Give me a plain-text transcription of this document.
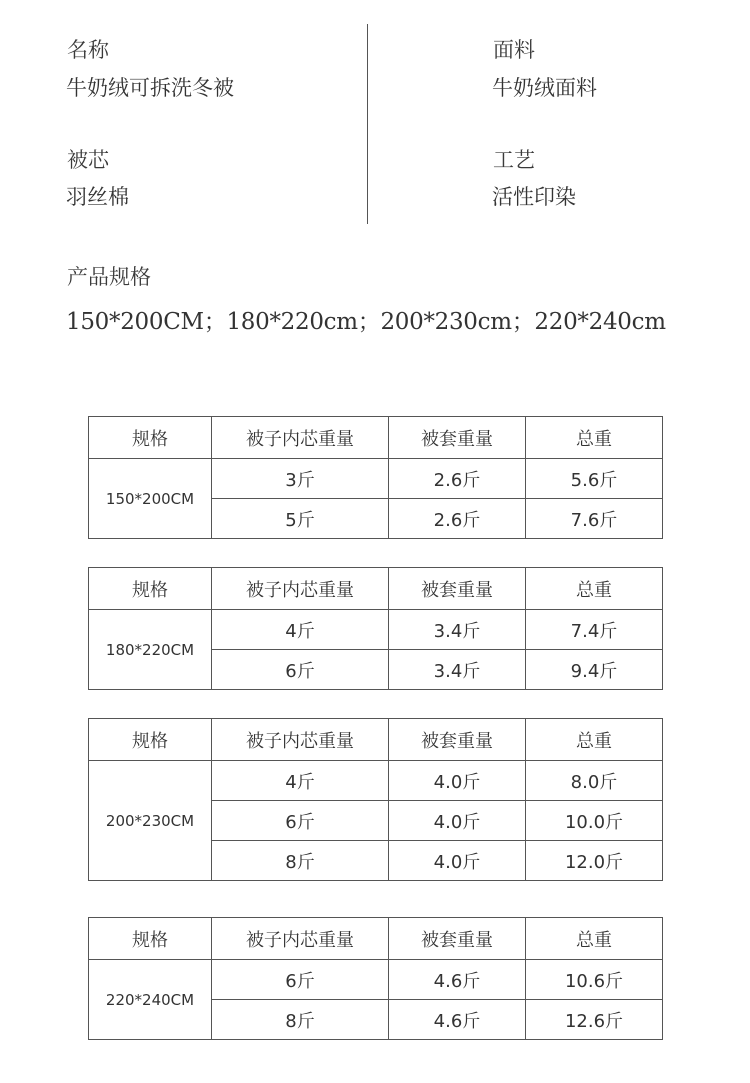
名称
牛奶绒可拆洗冬被
面料
牛奶绒面料
被芯
羽丝棉
工艺
活性印染
产品规格
150*200CM；180*220cm；200*230cm；220*240cm
规格	被子内芯重量	被套重量	总重
150*200CM	3斤	2.6斤	5.6斤
	5斤	2.6斤	7.6斤
规格	被子内芯重量	被套重量	总重
180*220CM	4斤	3.4斤	7.4斤
	6斤	3.4斤	9.4斤
规格	被子内芯重量	被套重量	总重
200*230CM	4斤	4.0斤	8.0斤
	6斤	4.0斤	10.0斤
	8斤	4.0斤	12.0斤
规格	被子内芯重量	被套重量	总重
220*240CM	6斤	4.6斤	10.6斤
	8斤	4.6斤	12.6斤
